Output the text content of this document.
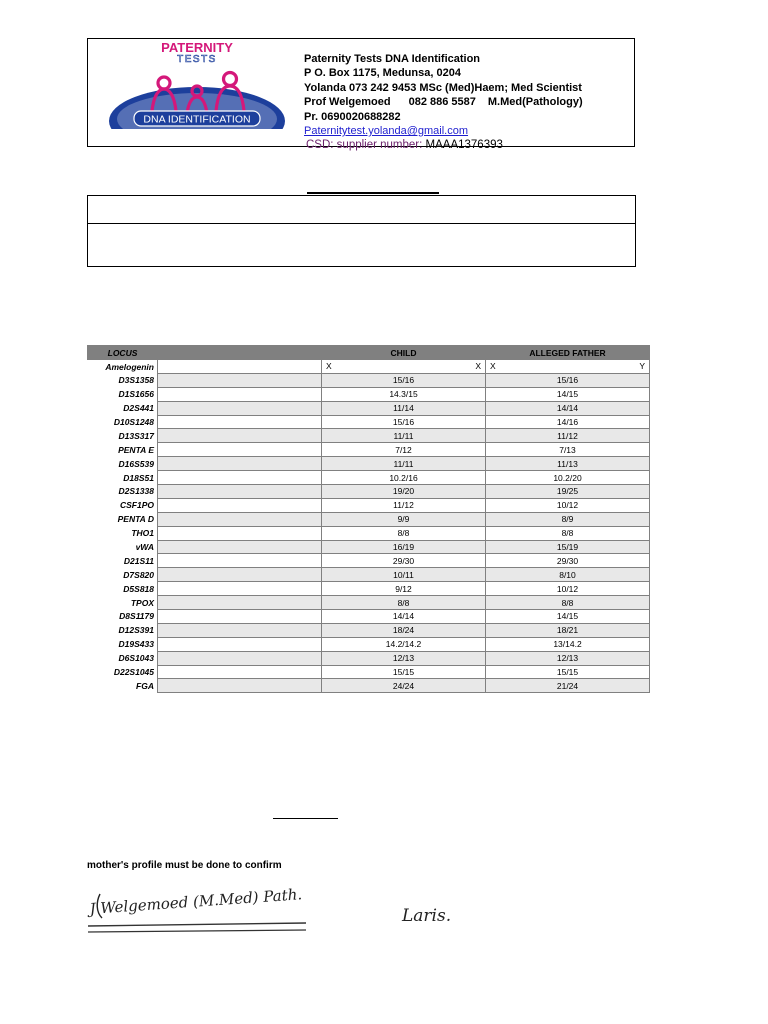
PATERNITY
TESTS
DNA IDENTIFICATION
Paternity Tests DNA Identification
P O. Box 1175, Medunsa, 0204
Yolanda 073 242 9453 MSc (Med)Haem; Med Scientist
Prof Welgemoed 082 886 5587 M.Med(Pathology)
Pr. 0690020688282
Paternitytest.yolanda@gmail.com
CSD: supplier number: MAAA1376393
LOCUS		CHILD	ALLEGED FATHER
Amelogenin		X X	X Y

D3S1358		15/16	15/16
D1S1656		14.3/15	14/15
D2S441		11/14	14/14
D10S1248		15/16	14/16
D13S317		11/11	11/12
PENTA E		7/12	7/13
D16S539		11/11	11/13
D18S51		10.2/16	10.2/20
D2S1338		19/20	19/25
CSF1PO		11/12	10/12
PENTA D		9/9	8/9
THO1		8/8	8/8
vWA		16/19	15/19
D21S11		29/30	29/30
D7S820		10/11	8/10
D5S818		9/12	10/12
TPOX		8/8	8/8
D8S1179		14/14	14/15
D12S391		18/24	18/21
D19S433		14.2/14.2	13/14.2
D6S1043		12/13	12/13
D22S1045		15/15	15/15
FGA		24/24	21/24
mother's profile must be done to confirm
J Welgemoed (M.Med) Path.	Laris.
